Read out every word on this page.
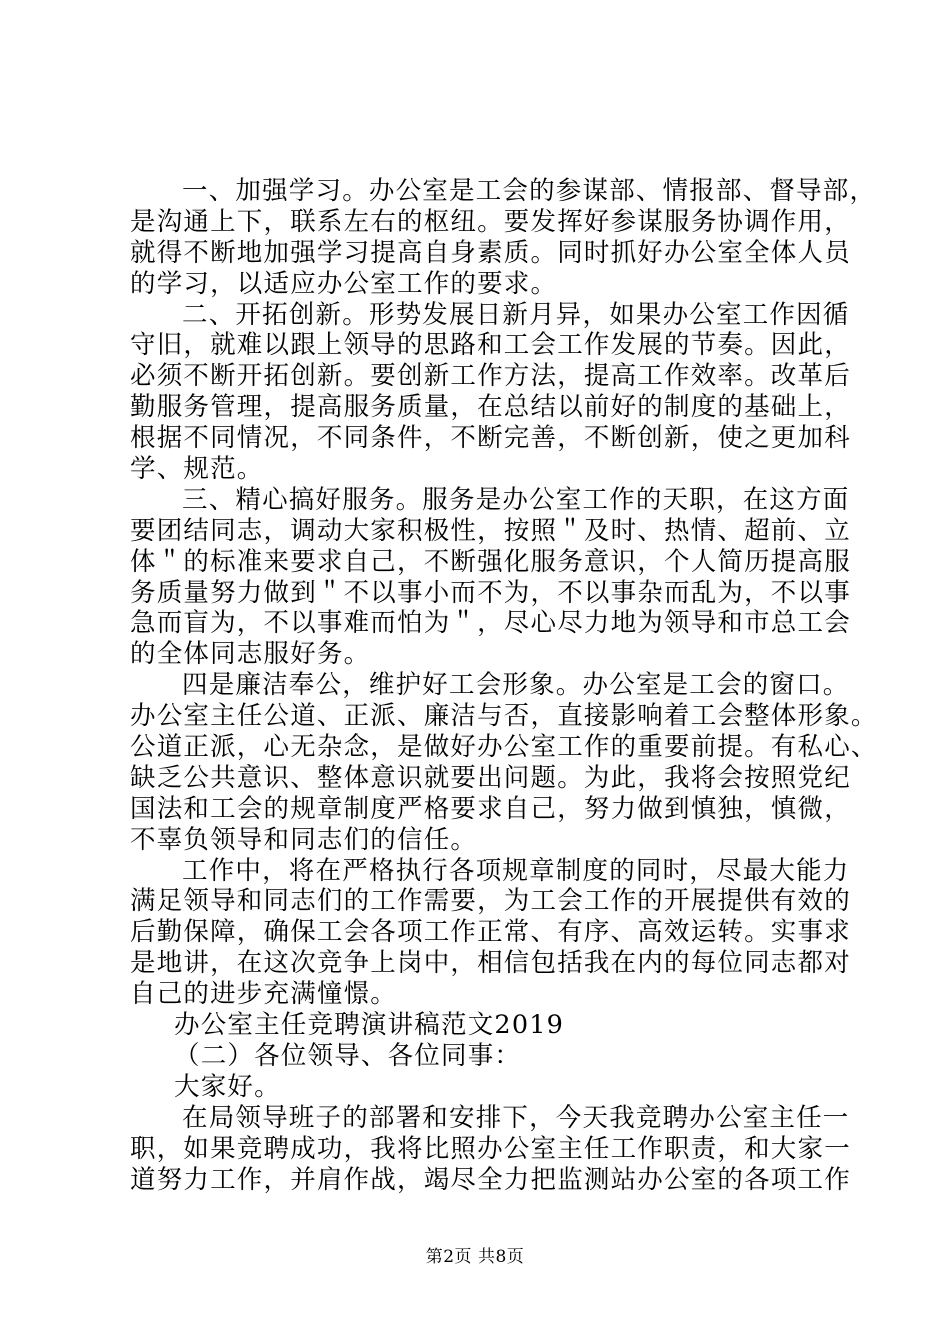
一、加强学习。办公室是工会的参谋部、情报部、督导部，
是沟通上下，联系左右的枢纽。要发挥好参谋服务协调作用，
就得不断地加强学习提高自身素质。同时抓好办公室全体人员
的学习，以适应办公室工作的要求。
二、开拓创新。形势发展日新月异，如果办公室工作因循
守旧，就难以跟上领导的思路和工会工作发展的节奏。因此，
必须不断开拓创新。要创新工作方法，提高工作效率。改革后
勤服务管理，提高服务质量，在总结以前好的制度的基础上，
根据不同情况，不同条件，不断完善，不断创新，使之更加科
学、规范。
三、精心搞好服务。服务是办公室工作的天职，在这方面
要团结同志，调动大家积极性，按照＂及时、热情、超前、立
体＂的标准来要求自己，不断强化服务意识，个人简历提高服
务质量努力做到＂不以事小而不为，不以事杂而乱为，不以事
急而盲为，不以事难而怕为＂，尽心尽力地为领导和市总工会
的全体同志服好务。
四是廉洁奉公，维护好工会形象。办公室是工会的窗口。
办公室主任公道、正派、廉洁与否，直接影响着工会整体形象。
公道正派，心无杂念，是做好办公室工作的重要前提。有私心、
缺乏公共意识、整体意识就要出问题。为此，我将会按照党纪
国法和工会的规章制度严格要求自己，努力做到慎独，慎微，
不辜负领导和同志们的信任。
工作中，将在严格执行各项规章制度的同时，尽最大能力
满足领导和同志们的工作需要，为工会工作的开展提供有效的
后勤保障，确保工会各项工作正常、有序、高效运转。实事求
是地讲，在这次竞争上岗中，相信包括我在内的每位同志都对
自己的进步充满憧憬。
办公室主任竞聘演讲稿范文2019
（二）各位领导、各位同事：
大家好。
在局领导班子的部署和安排下，今天我竞聘办公室主任一
职，如果竞聘成功，我将比照办公室主任工作职责，和大家一
道努力工作，并肩作战，竭尽全力把监测站办公室的各项工作
第2页 共8页
